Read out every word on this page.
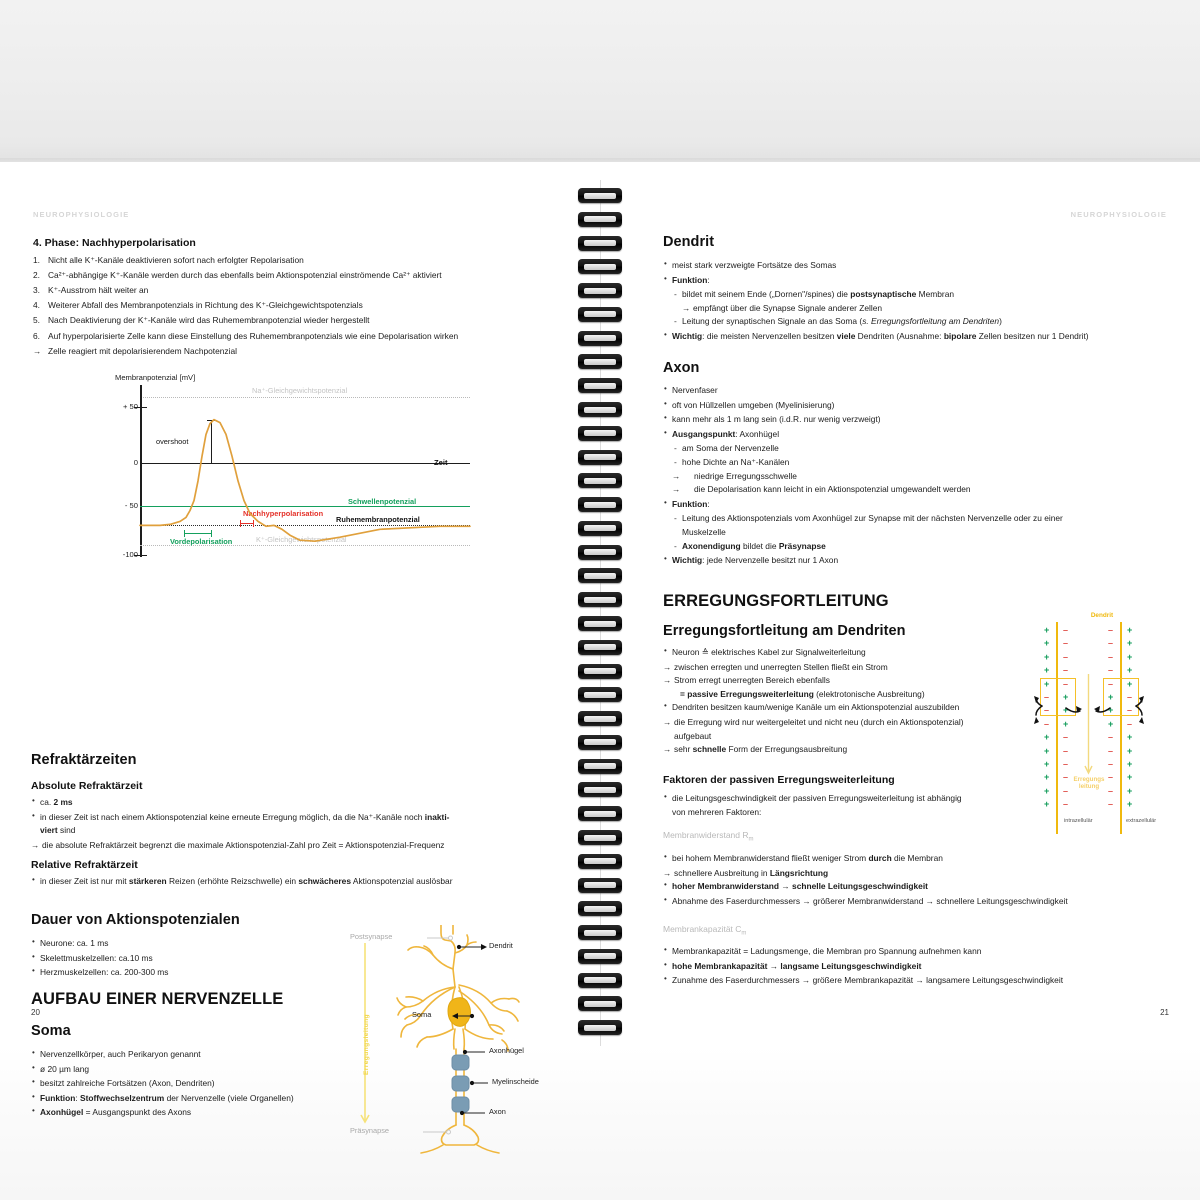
NEUROPHYSIOLOGIE
4. Phase: Nachhyperpolarisation
Nicht alle K⁺-Kanäle deaktivieren sofort nach erfolgter Repolarisation
Ca²⁺-abhängige K⁺-Kanäle werden durch das ebenfalls beim Aktionspotenzial einströmende Ca²⁺ aktiviert
K⁺-Ausstrom hält weiter an
Weiterer Abfall des Membranpotenzials in Richtung des K⁺-Gleichgewichtspotenzials
Nach Deaktivierung der K⁺-Kanäle wird das Ruhemembranpotenzial wieder hergestellt
Auf hyperpolarisierte Zelle kann diese Einstellung des Ruhemembranpotenzials wie eine Depolarisation wirken
→ Zelle reagiert mit depolarisierendem Nachpotenzial
Membranpotenzial [mV]
Na⁺-Gleichgewichtspotenzial
Zeit
Schwellenpotenzial
Ruhemembranpotenzial
K⁺-Gleichgewichtspotenzial
+ 50
0
- 50
-100
overshoot
Vordepolarisation
Nachhyperpolarisation
Refraktärzeiten
Absolute Refraktärzeit
• ca. 2 ms
• in dieser Zeit ist nach einem Aktionspotenzial keine erneute Erregung möglich, da die Na⁺-Kanäle noch inakti-
viert sind
→ die absolute Refraktärzeit begrenzt die maximale Aktionspotenzial-Zahl pro Zeit = Aktionspotenzial-Frequenz
Relative Refraktärzeit
• in dieser Zeit ist nur mit stärkeren Reizen (erhöhte Reizschwelle) ein schwächeres Aktionspotenzial auslösbar
Dauer von Aktionspotenzialen
• Neurone: ca. 1 ms
• Skelettmuskelzellen: ca.10 ms
• Herzmuskelzellen: ca. 200-300 ms
AUFBAU EINER NERVENZELLE
Soma
• Nervenzellkörper, auch Perikaryon genannt
• ø 20 µm lang
• besitzt zahlreiche Fortsätzen (Axon, Dendriten)
• Funktion: Stoffwechselzentrum der Nervenzelle (viele Organellen)
• Axonhügel = Ausgangspunkt des Axons
Postsynapse
Dendrit
Soma
Axonhügel
Myelinscheide
Axon
Präsynapse
Erregungsleitung
NEUROPHYSIOLOGIE
Dendrit
• meist stark verzweigte Fortsätze des Somas
• Funktion:
- bildet mit seinem Ende („Dornen"/spines) die postsynaptische Membran
→ empfängt über die Synapse Signale anderer Zellen
- Leitung der synaptischen Signale an das Soma (s. Erregungsfortleitung am Dendriten)
• Wichtig: die meisten Nervenzellen besitzen viele Dendriten (Ausnahme: bipolare Zellen besitzen nur 1 Dendrit)
Axon
• Nervenfaser
• oft von Hüllzellen umgeben (Myelinisierung)
• kann mehr als 1 m lang sein (i.d.R. nur wenig verzweigt)
• Ausgangspunkt: Axonhügel
- am Soma der Nervenzelle
- hohe Dichte an Na⁺-Kanälen
→ niedrige Erregungsschwelle
→ die Depolarisation kann leicht in ein Aktionspotenzial umgewandelt werden
• Funktion:
- Leitung des Aktionspotenzials vom Axonhügel zur Synapse mit der nächsten Nervenzelle oder zu einer
Muskelzelle
- Axonendigung bildet die Präsynapse
• Wichtig: jede Nervenzelle besitzt nur 1 Axon
ERREGUNGSFORTLEITUNG
Erregungsfortleitung am Dendriten
• Neuron ≙ elektrisches Kabel zur Signalweiterleitung
→ zwischen erregten und unerregten Stellen fließt ein Strom
→ Strom erregt unerregten Bereich ebenfalls
= passive Erregungsweiterleitung (elektrotonische Ausbreitung)
• Dendriten besitzen kaum/wenige Kanäle um ein Aktionspotenzial auszubilden
→ die Erregung wird nur weitergeleitet und nicht neu (durch ein Aktionspotenzial)
aufgebaut
→ sehr schnelle Form der Erregungsausbreitung
Faktoren der passiven Erregungsweiterleitung
• die Leitungsgeschwindigkeit der passiven Erregungsweiterleitung ist abhängig
von mehreren Faktoren:
Membranwiderstand $R_m$
• bei hohem Membranwiderstand fließt weniger Strom durch die Membran
→ schnellere Ausbreitung in Längsrichtung
• hoher Membranwiderstand → schnelle Leitungsgeschwindigkeit
• Abnahme des Faserdurchmessers → größerer Membranwiderstand → schnellere Leitungsgeschwindigkeit
Membrankapazität $C_m$
• Membrankapazität = Ladungsmenge, die Membran pro Spannung aufnehmen kann
• hohe Membrankapazität → langsame Leitungsgeschwindigkeit
• Zunahme des Faserdurchmessers → größere Membrankapazität → langsamere Leitungsgeschwindigkeit
Dendrit
+ –	– +
+ –	– +
+ –	– +
+ –	– +
+ –	– +
– +	+ –
– +	+ –
– +	+ –
+ –	– +
+ –	– +
+ –	– +
+ –	– +
+ –	– +
+ –	– +
Erregungs
leitung
intrazellulär	extrazellulär
20	21
